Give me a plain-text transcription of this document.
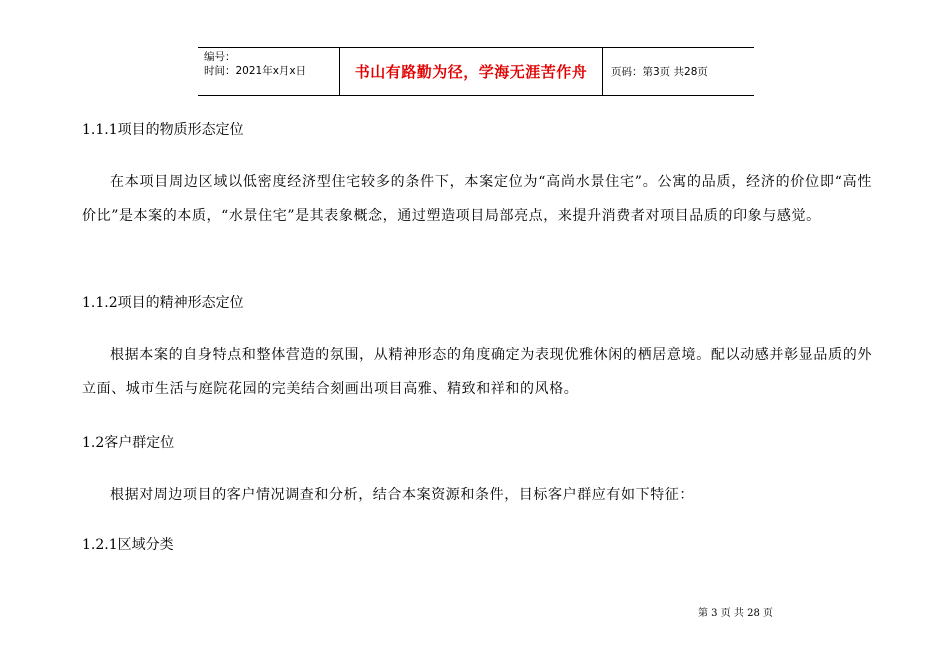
编号：
时间：2021年x月x日	书山有路勤为径，学海无涯苦作舟	页码：第3页 共28页
1.1.1项目的物质形态定位
在本项目周边区域以低密度经济型住宅较多的条件下，本案定位为“高尚水景住宅”。公寓的品质，经济的价位即“高性价比”是本案的本质，“水景住宅”是其表象概念，通过塑造项目局部亮点，来提升消费者对项目品质的印象与感觉。
1.1.2项目的精神形态定位
根据本案的自身特点和整体营造的氛围，从精神形态的角度确定为表现优雅休闲的栖居意境。配以动感并彰显品质的外立面、城市生活与庭院花园的完美结合刻画出项目高雅、精致和祥和的风格。
1.2客户群定位
根据对周边项目的客户情况调查和分析，结合本案资源和条件，目标客户群应有如下特征：
1.2.1区域分类
第 3 页 共 28 页
